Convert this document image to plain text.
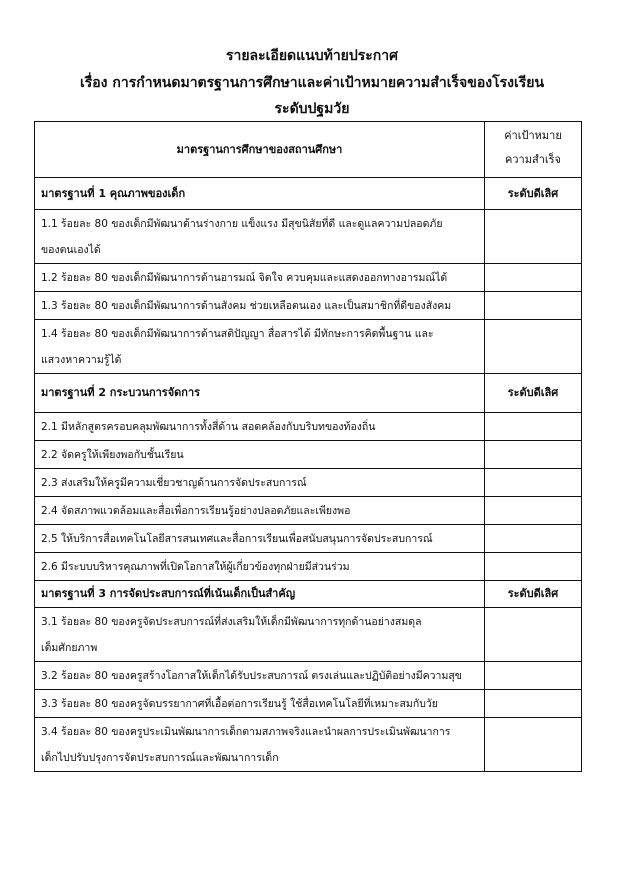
รายละเอียดแนบท้ายประกาศ
เรื่อง การกำหนดมาตรฐานการศึกษาและค่าเป้าหมายความสำเร็จของโรงเรียน
ระดับปฐมวัย
มาตรฐานการศึกษาของสถานศึกษา	ค่าเป้าหมาย
ความสำเร็จ

มาตรฐานที่ 1 คุณภาพของเด็ก	ระดับดีเลิศ

1.1 ร้อยละ 80 ของเด็กมีพัฒนาด้านร่างกาย แข็งแรง มีสุขนิสัยที่ดี และดูแลความปลอดภัย
ของตนเองได้	

1.2 ร้อยละ 80 ของเด็กมีพัฒนาการด้านอารมณ์ จิตใจ ควบคุมและแสดงออกทางอารมณ์ได้	

1.3 ร้อยละ 80 ของเด็กมีพัฒนาการด้านสังคม ช่วยเหลือตนเอง และเป็นสมาชิกที่ดีของสังคม	

1.4 ร้อยละ 80 ของเด็กมีพัฒนาการด้านสติปัญญา สื่อสารได้ มีทักษะการคิดพื้นฐาน และ
แสวงหาความรู้ได้	

มาตรฐานที่ 2 กระบวนการจัดการ	ระดับดีเลิศ

2.1 มีหลักสูตรครอบคลุมพัฒนาการทั้งสี่ด้าน สอดคล้องกับบริบทของท้องถิ่น	

2.2 จัดครูให้เพียงพอกับชั้นเรียน	

2.3 ส่งเสริมให้ครูมีความเชี่ยวชาญด้านการจัดประสบการณ์	

2.4 จัดสภาพแวดล้อมและสื่อเพื่อการเรียนรู้อย่างปลอดภัยและเพียงพอ	

2.5 ให้บริการสื่อเทคโนโลยีสารสนเทศและสื่อการเรียนเพื่อสนับสนุนการจัดประสบการณ์	

2.6 มีระบบบริหารคุณภาพที่เปิดโอกาสให้ผู้เกี่ยวข้องทุกฝ่ายมีส่วนร่วม	

มาตรฐานที่ 3 การจัดประสบการณ์ที่เน้นเด็กเป็นสำคัญ	ระดับดีเลิศ

3.1 ร้อยละ 80 ของครูจัดประสบการณ์ที่ส่งเสริมให้เด็กมีพัฒนาการทุกด้านอย่างสมดุล
เต็มศักยภาพ	

3.2 ร้อยละ 80 ของครูสร้างโอกาสให้เด็กได้รับประสบการณ์ ตรงเล่นและปฏิบัติอย่างมีความสุข	

3.3 ร้อยละ 80 ของครูจัดบรรยากาศที่เอื้อต่อการเรียนรู้ ใช้สื่อเทคโนโลยีที่เหมาะสมกับวัย	

3.4 ร้อยละ 80 ของครูประเมินพัฒนาการเด็กตามสภาพจริงและนำผลการประเมินพัฒนาการ
เด็กไปปรับปรุงการจัดประสบการณ์และพัฒนาการเด็ก	
